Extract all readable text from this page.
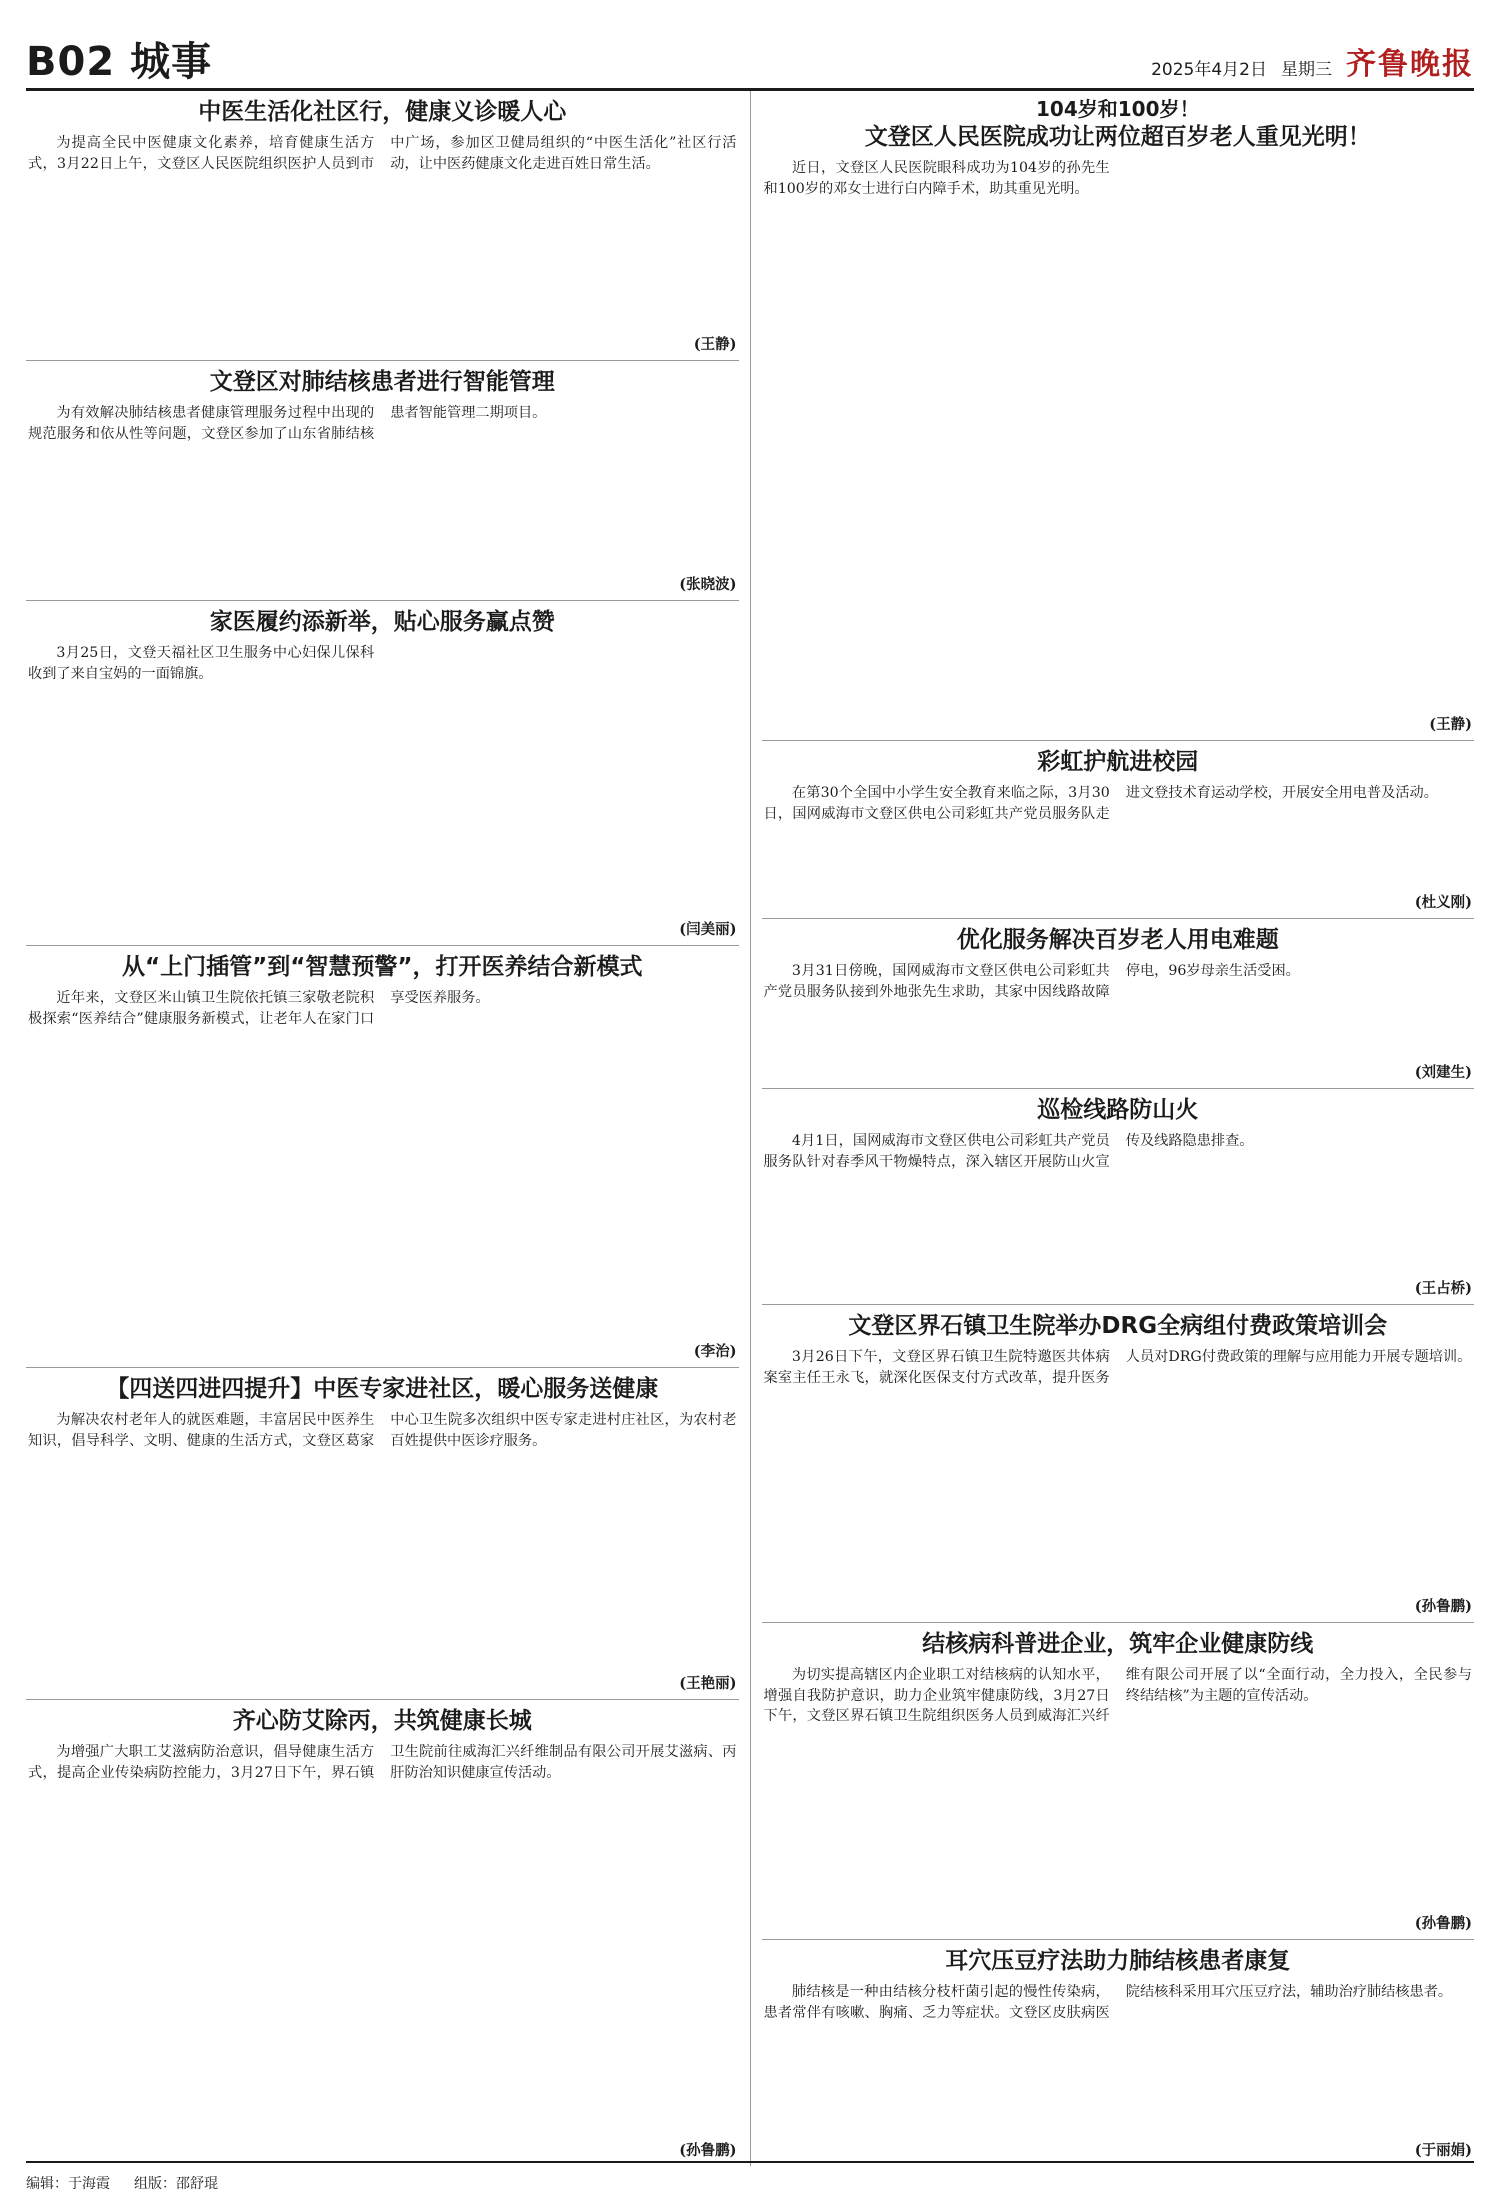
B02 城事	2025年4月2日 星期三 齐鲁晚报
中医生活化社区行，健康义诊暖人心

为提高全民中医健康文化素养，培育健康生活方式，3月22日上午，文登区人民医院组织医护人员到市中广场，参加区卫健局组织的“中医生活化”社区行活动，让中医药健康文化走进百姓日常生活。

(王静)
文登区对肺结核患者进行智能管理

为有效解决肺结核患者健康管理服务过程中出现的规范服务和依从性等问题，文登区参加了山东省肺结核患者智能管理二期项目。

(张晓波)
家医履约添新举，贴心服务赢点赞

3月25日，文登天福社区卫生服务中心妇保儿保科收到了来自宝妈的一面锦旗。

(闫美丽)
从“上门插管”到“智慧预警”，打开医养结合新模式

近年来，文登区米山镇卫生院依托镇三家敬老院积极探索“医养结合”健康服务新模式，让老年人在家门口享受医养服务。

(李治)
【四送四进四提升】中医专家进社区，暖心服务送健康

为解决农村老年人的就医难题，丰富居民中医养生知识，倡导科学、文明、健康的生活方式，文登区葛家中心卫生院多次组织中医专家走进村庄社区，为农村老百姓提供中医诊疗服务。

(王艳丽)
齐心防艾除丙，共筑健康长城

为增强广大职工艾滋病防治意识，倡导健康生活方式，提高企业传染病防控能力，3月27日下午，界石镇卫生院前往威海汇兴纤维制品有限公司开展艾滋病、丙肝防治知识健康宣传活动。

(孙鲁鹏)
104岁和100岁！
文登区人民医院成功让两位超百岁老人重见光明！

近日，文登区人民医院眼科成功为104岁的孙先生和100岁的邓女士进行白内障手术，助其重见光明。

(王静)
彩虹护航进校园

在第30个全国中小学生安全教育来临之际，3月30日，国网威海市文登区供电公司彩虹共产党员服务队走进文登技术育运动学校，开展安全用电普及活动。

(杜义刚)
优化服务解决百岁老人用电难题

3月31日傍晚，国网威海市文登区供电公司彩虹共产党员服务队接到外地张先生求助，其家中因线路故障停电，96岁母亲生活受困。

(刘建生)
巡检线路防山火

4月1日，国网威海市文登区供电公司彩虹共产党员服务队针对春季风干物燥特点，深入辖区开展防山火宣传及线路隐患排查。

(王占桥)
文登区界石镇卫生院举办DRG全病组付费政策培训会

3月26日下午，文登区界石镇卫生院特邀医共体病案室主任王永飞，就深化医保支付方式改革，提升医务人员对DRG付费政策的理解与应用能力开展专题培训。

(孙鲁鹏)
结核病科普进企业，筑牢企业健康防线

为切实提高辖区内企业职工对结核病的认知水平，增强自我防护意识，助力企业筑牢健康防线，3月27日下午，文登区界石镇卫生院组织医务人员到威海汇兴纤维有限公司开展了以“全面行动，全力投入，全民参与终结结核”为主题的宣传活动。

(孙鲁鹏)
耳穴压豆疗法助力肺结核患者康复

肺结核是一种由结核分枝杆菌引起的慢性传染病，患者常伴有咳嗽、胸痛、乏力等症状。文登区皮肤病医院结核科采用耳穴压豆疗法，辅助治疗肺结核患者。

(于丽娟)
编辑：于海霞 组版：邵舒琨
